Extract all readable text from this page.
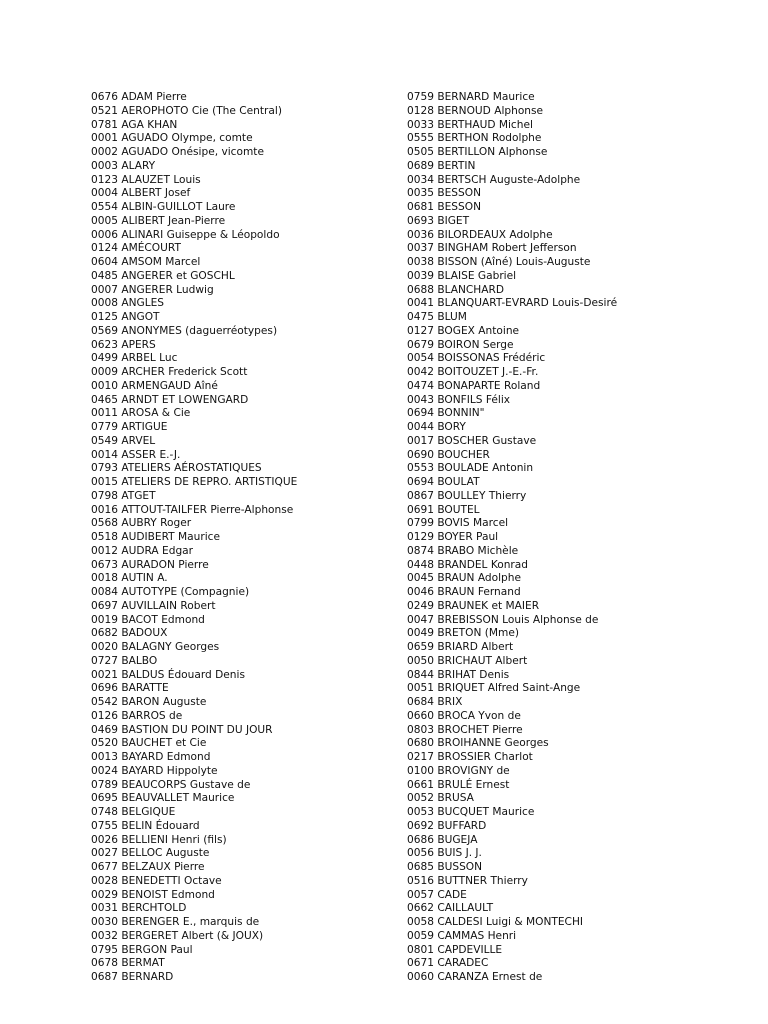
0676 ADAM Pierre
0521 AEROPHOTO Cie (The Central)
0781 AGA KHAN
0001 AGUADO Olympe, comte
0002 AGUADO Onésipe, vicomte
0003 ALARY
0123 ALAUZET Louis
0004 ALBERT Josef
0554 ALBIN-GUILLOT Laure
0005 ALIBERT Jean-Pierre
0006 ALINARI Guiseppe & Léopoldo
0124 AMÉCOURT
0604 AMSOM Marcel
0485 ANGERER et GOSCHL
0007 ANGERER Ludwig
0008 ANGLES
0125 ANGOT
0569 ANONYMES (daguerréotypes)
0623 APERS
0499 ARBEL Luc
0009 ARCHER Frederick Scott
0010 ARMENGAUD Aîné
0465 ARNDT ET LOWENGARD
0011 AROSA & Cie
0779 ARTIGUE
0549 ARVEL
0014 ASSER E.-J.
0793 ATELIERS AÉROSTATIQUES
0015 ATELIERS DE REPRO. ARTISTIQUE
0798 ATGET
0016 ATTOUT-TAILFER Pierre-Alphonse
0568 AUBRY Roger
0518 AUDIBERT Maurice
0012 AUDRA Edgar
0673 AURADON Pierre
0018 AUTIN A.
0084 AUTOTYPE (Compagnie)
0697 AUVILLAIN Robert
0019 BACOT Edmond
0682 BADOUX
0020 BALAGNY Georges
0727 BALBO
0021 BALDUS Édouard Denis
0696 BARATTE
0542 BARON Auguste
0126 BARROS de
0469 BASTION DU POINT DU JOUR
0520 BAUCHET et Cie
0013 BAYARD Edmond
0024 BAYARD Hippolyte
0789 BEAUCORPS Gustave de
0695 BEAUVALLET Maurice
0748 BELGIQUE
0755 BELIN Édouard
0026 BELLIENI Henri (fils)
0027 BELLOC Auguste
0677 BELZAUX Pierre
0028 BENEDETTI Octave
0029 BENOIST Edmond
0031 BERCHTOLD
0030 BERENGER E., marquis de
0032 BERGERET Albert (& JOUX)
0795 BERGON Paul
0678 BERMAT
0687 BERNARD
0759 BERNARD Maurice
0128 BERNOUD Alphonse
0033 BERTHAUD Michel
0555 BERTHON Rodolphe
0505 BERTILLON Alphonse
0689 BERTIN
0034 BERTSCH Auguste-Adolphe
0035 BESSON
0681 BESSON
0693 BIGET
0036 BILORDEAUX Adolphe
0037 BINGHAM Robert Jefferson
0038 BISSON (Aîné) Louis-Auguste
0039 BLAISE Gabriel
0688 BLANCHARD
0041 BLANQUART-EVRARD Louis-Desiré
0475 BLUM
0127 BOGEX Antoine
0679 BOIRON Serge
0054 BOISSONAS Frédéric
0042 BOITOUZET J.-E.-Fr.
0474 BONAPARTE Roland
0043 BONFILS Félix
0694 BONNIN"
0044 BORY
0017 BOSCHER Gustave
0690 BOUCHER
0553 BOULADE Antonin
0694 BOULAT
0867 BOULLEY Thierry
0691 BOUTEL
0799 BOVIS Marcel
0129 BOYER Paul
0874 BRABO Michèle
0448 BRANDEL Konrad
0045 BRAUN Adolphe
0046 BRAUN Fernand
0249 BRAUNEK et MAIER
0047 BREBISSON Louis Alphonse de
0049 BRETON (Mme)
0659 BRIARD Albert
0050 BRICHAUT Albert
0844 BRIHAT Denis
0051 BRIQUET Alfred Saint-Ange
0684 BRIX
0660 BROCA Yvon de
0803 BROCHET Pierre
0680 BROIHANNE Georges
0217 BROSSIER Charlot
0100 BROVIGNY de
0661 BRULÉ Ernest
0052 BRUSA
0053 BUCQUET Maurice
0692 BUFFARD
0686 BUGEJA
0056 BUIS J. J.
0685 BUSSON
0516 BUTTNER Thierry
0057 CADE
0662 CAILLAULT
0058 CALDESI Luigi & MONTECHI
0059 CAMMAS Henri
0801 CAPDEVILLE
0671 CARADEC
0060 CARANZA Ernest de
